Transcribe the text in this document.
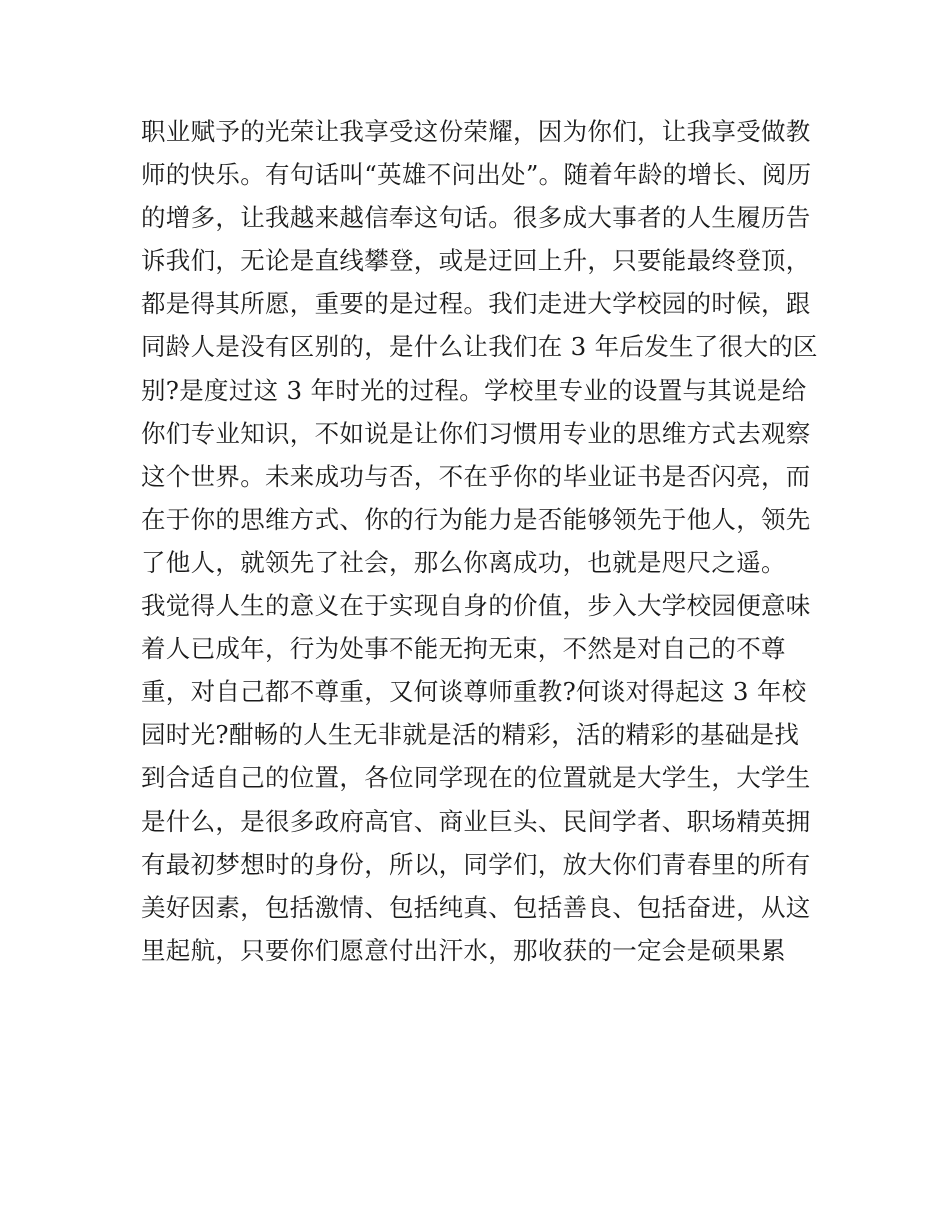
职业赋予的光荣让我享受这份荣耀，因为你们，让我享受做教
师的快乐。有句话叫“英雄不问出处”。随着年龄的增长、阅历
的增多，让我越来越信奉这句话。很多成大事者的人生履历告
诉我们，无论是直线攀登，或是迂回上升，只要能最终登顶，
都是得其所愿，重要的是过程。我们走进大学校园的时候，跟
同龄人是没有区别的，是什么让我们在 3 年后发生了很大的区
别?是度过这 3 年时光的过程。学校里专业的设置与其说是给
你们专业知识，不如说是让你们习惯用专业的思维方式去观察
这个世界。未来成功与否，不在乎你的毕业证书是否闪亮，而
在于你的思维方式、你的行为能力是否能够领先于他人，领先
了他人，就领先了社会，那么你离成功，也就是咫尺之遥。
我觉得人生的意义在于实现自身的价值，步入大学校园便意味
着人已成年，行为处事不能无拘无束，不然是对自己的不尊
重，对自己都不尊重，又何谈尊师重教?何谈对得起这 3 年校
园时光?酣畅的人生无非就是活的精彩，活的精彩的基础是找
到合适自己的位置，各位同学现在的位置就是大学生，大学生
是什么，是很多政府高官、商业巨头、民间学者、职场精英拥
有最初梦想时的身份，所以，同学们，放大你们青春里的所有
美好因素，包括激情、包括纯真、包括善良、包括奋进，从这
里起航，只要你们愿意付出汗水，那收获的一定会是硕果累
